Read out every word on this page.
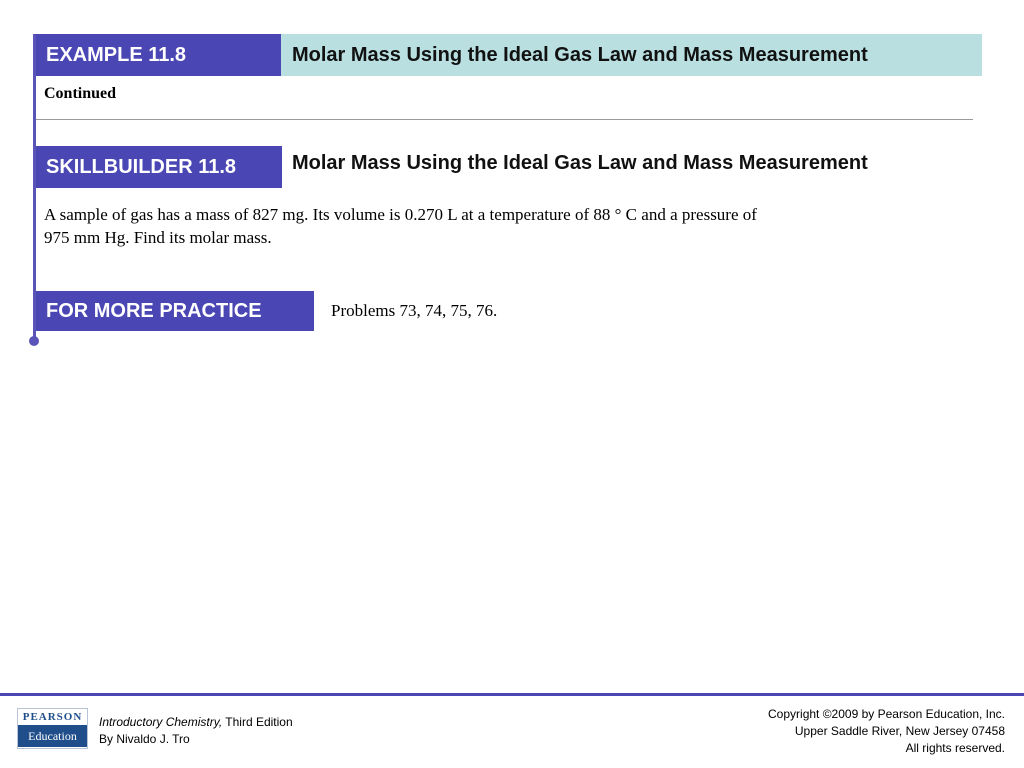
EXAMPLE 11.8	Molar Mass Using the Ideal Gas Law and Mass Measurement
Continued
SKILLBUILDER 11.8	Molar Mass Using the Ideal Gas Law and Mass Measurement
A sample of gas has a mass of 827 mg. Its volume is 0.270 L at a temperature of 88 ° C and a pressure of
975 mm Hg. Find its molar mass.
FOR MORE PRACTICE	Problems 73, 74, 75, 76.
PEARSON
Education
Introductory Chemistry, Third Edition
By Nivaldo J. Tro
Copyright ©2009 by Pearson Education, Inc.
Upper Saddle River, New Jersey 07458
All rights reserved.
